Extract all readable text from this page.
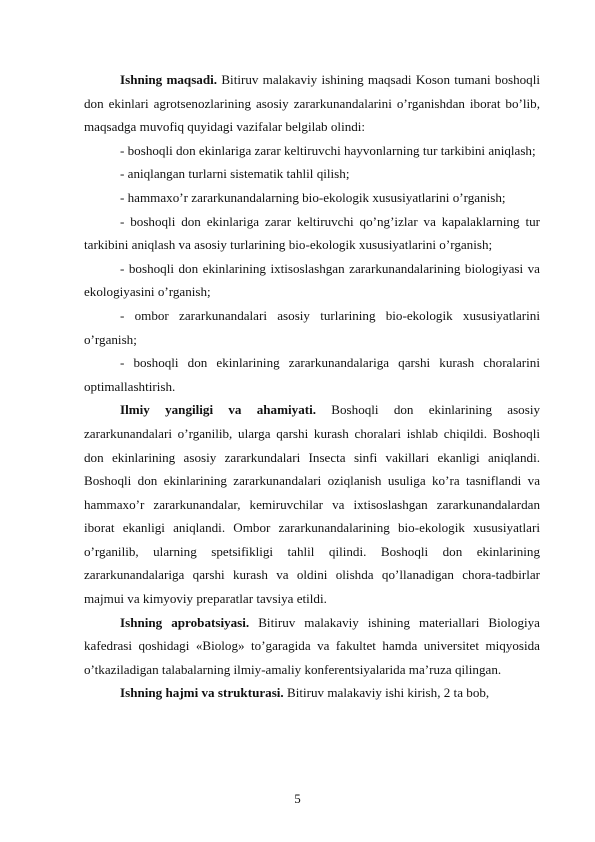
Ishning maqsadi. Bitiruv malakaviy ishining maqsadi Koson tumani boshoqli don ekinlari agrotsenozlarining asosiy zararkunandalarini o’rganishdan iborat bo’lib, maqsadga muvofiq quyidagi vazifalar belgilab olindi:

- boshoqli don ekinlariga zarar keltiruvchi hayvonlarning tur tarkibini aniqlash;

- aniqlangan turlarni sistematik tahlil qilish;

- hammaxo’r zararkunandalarning bio-ekologik xususiyatlarini o’rganish;

- boshoqli don ekinlariga zarar keltiruvchi qo’ng’izlar va kapalaklarning tur tarkibini aniqlash va asosiy turlarining bio-ekologik xususiyatlarini o’rganish;

- boshoqli don ekinlarining ixtisoslashgan zararkunandalarining biologiyasi va ekologiyasini o’rganish;

- ombor zararkunandalari asosiy turlarining bio-ekologik xususiyatlarini o’rganish;

- boshoqli don ekinlarining zararkunandalariga qarshi kurash choralarini optimallashtirish.

Ilmiy yangiligi va ahamiyati. Boshoqli don ekinlarining asosiy zararkunandalari o’rganilib, ularga qarshi kurash choralari ishlab chiqildi. Boshoqli don ekinlarining asosiy zararkundalari Insecta sinfi vakillari ekanligi aniqlandi. Boshoqli don ekinlarining zararkunandalari oziqlanish usuliga ko’ra tasniflandi va hammaxo’r zararkunandalar, kemiruvchilar va ixtisoslashgan zararkunandalardan iborat ekanligi aniqlandi. Ombor zararkunandalarining bio-ekologik xususiyatlari o’rganilib, ularning spetsifikligi tahlil qilindi. Boshoqli don ekinlarining zararkunandalariga qarshi kurash va oldini olishda qo’llanadigan chora-tadbirlar majmui va kimyoviy preparatlar tavsiya etildi.

Ishning aprobatsiyasi. Bitiruv malakaviy ishining materiallari Biologiya kafedrasi qoshidagi «Biolog» to’garagida va fakultet hamda universitet miqyosida o’tkaziladigan talabalarning ilmiy-amaliy konferentsiyalarida ma’ruza qilingan.

Ishning hajmi va strukturasi. Bitiruv malakaviy ishi kirish, 2 ta bob,

5
